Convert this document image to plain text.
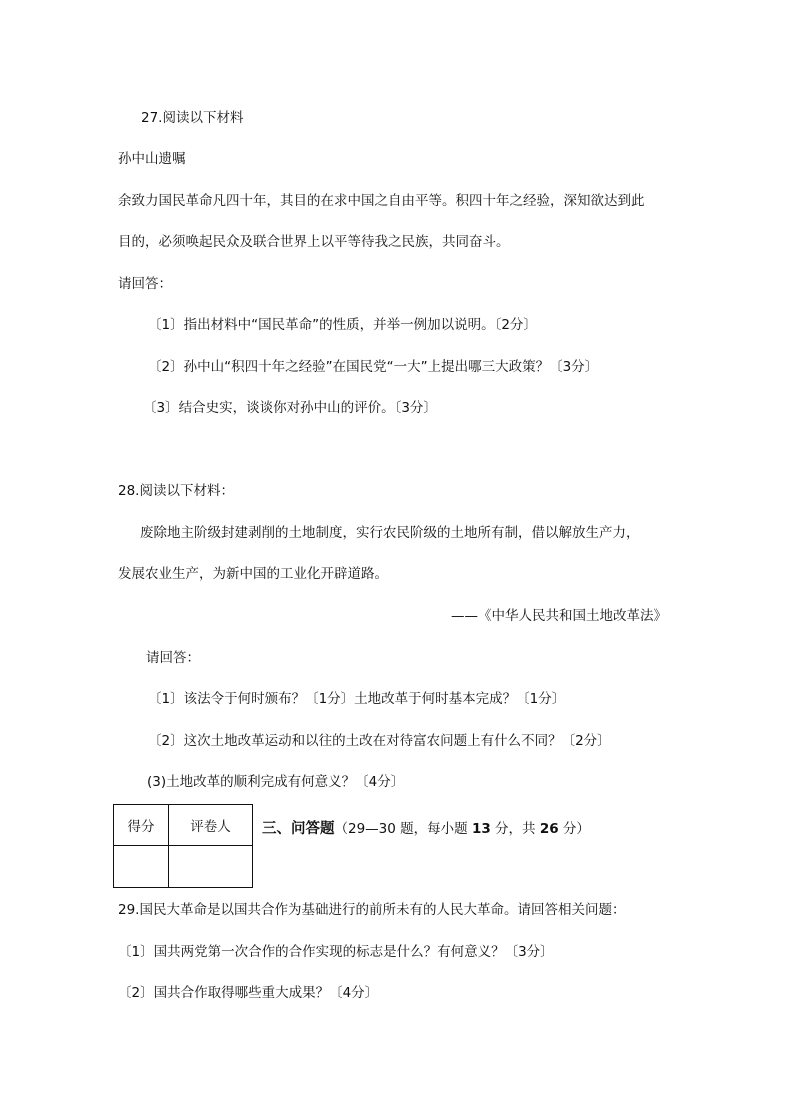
27.阅读以下材料
孙中山遗嘱
余致力国民革命凡四十年，其目的在求中国之自由平等。积四十年之经验，深知欲达到此
目的，必须唤起民众及联合世界上以平等待我之民族，共同奋斗。
请回答：
〔1〕指出材料中“国民革命”的性质，并举一例加以说明。〔2分〕
〔2〕孙中山“积四十年之经验”在国民党“一大”上提出哪三大政策？〔3分〕
〔3〕结合史实，谈谈你对孙中山的评价。〔3分〕
28.阅读以下材料：
废除地主阶级封建剥削的土地制度，实行农民阶级的土地所有制，借以解放生产力，
发展农业生产，为新中国的工业化开辟道路。
——《中华人民共和国土地改革法》
请回答：
〔1〕该法令于何时颁布？〔1分〕土地改革于何时基本完成？〔1分〕
〔2〕这次土地改革运动和以往的土改在对待富农问题上有什么不同？〔2分〕
(3)土地改革的顺利完成有何意义？〔4分〕
得分	评卷人
	三、问答题（29—30 题，每小题 13 分，共 26 分）
29.国民大革命是以国共合作为基础进行的前所未有的人民大革命。请回答相关问题：
〔1〕国共两党第一次合作的合作实现的标志是什么？有何意义？〔3分〕
〔2〕国共合作取得哪些重大成果？〔4分〕
